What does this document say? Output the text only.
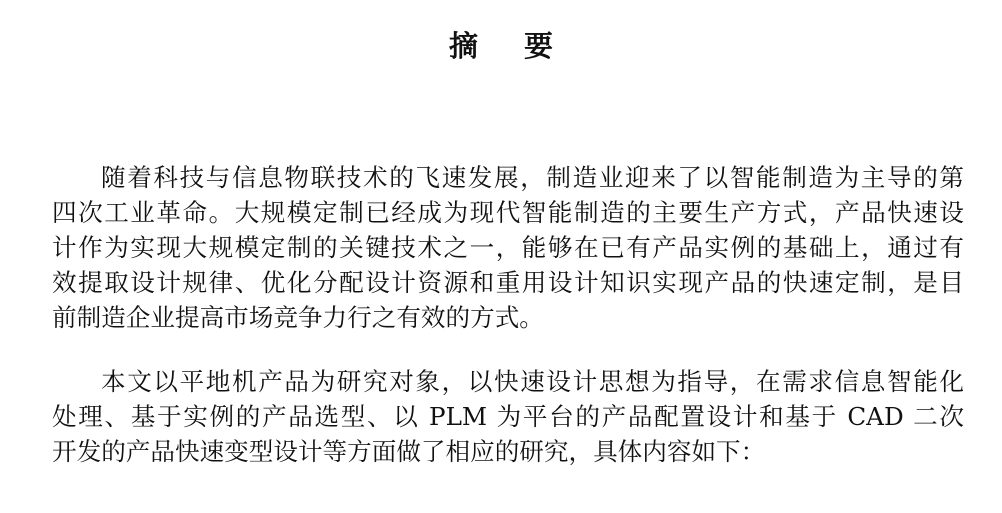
摘 要

随着科技与信息物联技术的飞速发展，制造业迎来了以智能制造为主导的第

四次工业革命。大规模定制已经成为现代智能制造的主要生产方式，产品快速设

计作为实现大规模定制的关键技术之一，能够在已有产品实例的基础上，通过有

效提取设计规律、优化分配设计资源和重用设计知识实现产品的快速定制，是目

前制造企业提高市场竞争力行之有效的方式。

本文以平地机产品为研究对象，以快速设计思想为指导，在需求信息智能化

处理、基于实例的产品选型、以 PLM 为平台的产品配置设计和基于 CAD 二次

开发的产品快速变型设计等方面做了相应的研究，具体内容如下：
